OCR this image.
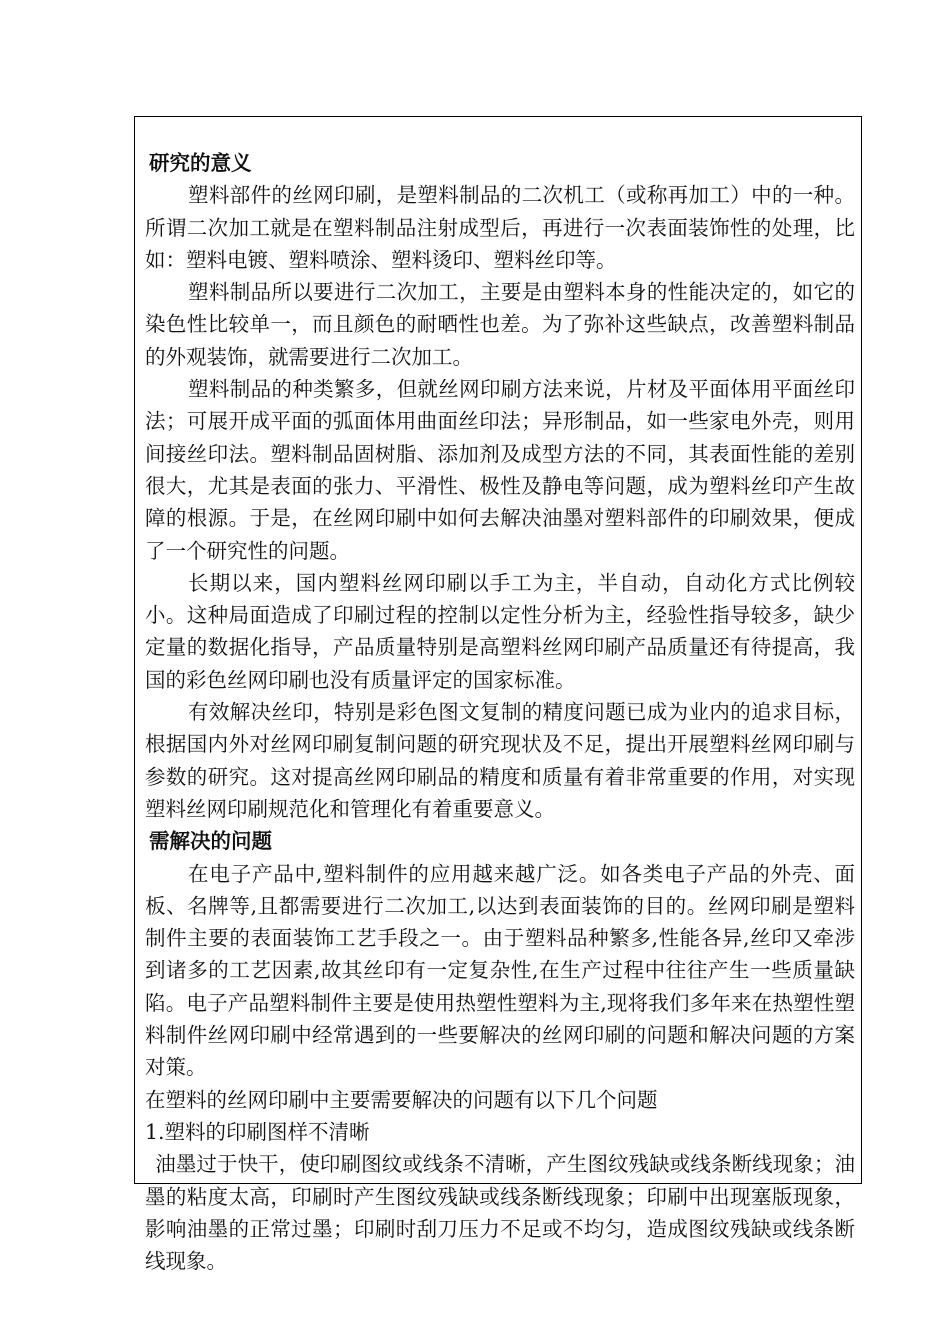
研究的意义

塑料部件的丝网印刷，是塑料制品的二次机工（或称再加工）中的一种。所谓二次加工就是在塑料制品注射成型后，再进行一次表面装饰性的处理，比如：塑料电镀、塑料喷涂、塑料烫印、塑料丝印等。

塑料制品所以要进行二次加工，主要是由塑料本身的性能决定的，如它的染色性比较单一，而且颜色的耐晒性也差。为了弥补这些缺点，改善塑料制品的外观装饰，就需要进行二次加工。

塑料制品的种类繁多，但就丝网印刷方法来说，片材及平面体用平面丝印法；可展开成平面的弧面体用曲面丝印法；异形制品，如一些家电外壳，则用间接丝印法。塑料制品固树脂、添加剂及成型方法的不同，其表面性能的差别很大，尤其是表面的张力、平滑性、极性及静电等问题，成为塑料丝印产生故障的根源。于是，在丝网印刷中如何去解决油墨对塑料部件的印刷效果，便成了一个研究性的问题。

长期以来，国内塑料丝网印刷以手工为主，半自动，自动化方式比例较小。这种局面造成了印刷过程的控制以定性分析为主，经验性指导较多，缺少定量的数据化指导，产品质量特别是高塑料丝网印刷产品质量还有待提高，我国的彩色丝网印刷也没有质量评定的国家标准。

有效解决丝印，特别是彩色图文复制的精度问题已成为业内的追求目标，根据国内外对丝网印刷复制问题的研究现状及不足，提出开展塑料丝网印刷与参数的研究。这对提高丝网印刷品的精度和质量有着非常重要的作用，对实现塑料丝网印刷规范化和管理化有着重要意义。

需解决的问题

在电子产品中,塑料制件的应用越来越广泛。如各类电子产品的外壳、面板、名牌等,且都需要进行二次加工,以达到表面装饰的目的。丝网印刷是塑料制件主要的表面装饰工艺手段之一。由于塑料品种繁多,性能各异,丝印又牵涉到诸多的工艺因素,故其丝印有一定复杂性,在生产过程中往往产生一些质量缺陷。电子产品塑料制件主要是使用热塑性塑料为主,现将我们多年来在热塑性塑料制件丝网印刷中经常遇到的一些要解决的丝网印刷的问题和解决问题的方案对策。

在塑料的丝网印刷中主要需要解决的问题有以下几个问题

1.塑料的印刷图样不清晰

油墨过于快干，使印刷图纹或线条不清晰，产生图纹残缺或线条断线现象；油墨的粘度太高，印刷时产生图纹残缺或线条断线现象；印刷中出现塞版现象，影响油墨的正常过墨；印刷时刮刀压力不足或不均匀，造成图纹残缺或线条断线现象。
